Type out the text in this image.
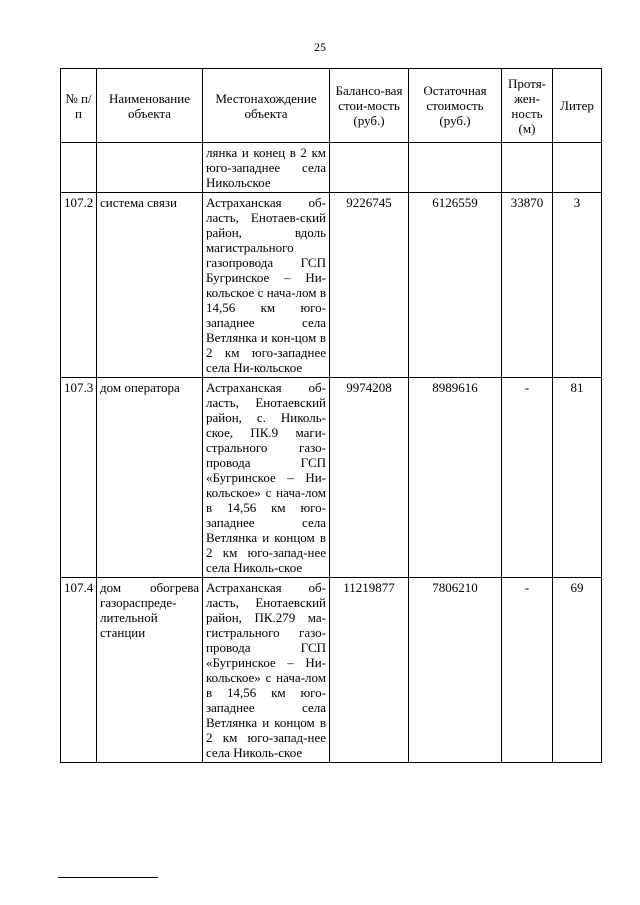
25
№ п/п	Наименование объекта	Местонахождение объекта	Балансо-вая стои-мость (руб.)	Остаточная стоимость (руб.)	Протя-жен-ность (м)	Литер
		лянка и конец в 2 км юго-западнее села Никольское				
107.2	система связи	Астраханская об-ласть, Енотаев-ский район, вдоль магистрального газопровода ГСП Бугринское – Ни-кольское с нача-лом в 14,56 км юго-западнее села Ветлянка и кон-цом в 2 км юго-западнее села Ни-кольское	9226745	6126559	33870	3
107.3	дом оператора	Астраханская об-ласть, Енотаевский район, с. Николь-ское, ПК.9 маги-стрального газо-провода ГСП «Бугринское – Ни-кольское» с нача-лом в 14,56 км юго-западнее села Ветлянка и концом в 2 км юго-запад-нее села Николь-ское	9974208	8989616	-	81
107.4	дом обогрева газораспреде-лительной станции	Астраханская об-ласть, Енотаевский район, ПК.279 ма-гистрального газо-провода ГСП «Бугринское – Ни-кольское» с нача-лом в 14,56 км юго-западнее села Ветлянка и концом в 2 км юго-запад-нее села Николь-ское	11219877	7806210	-	69
